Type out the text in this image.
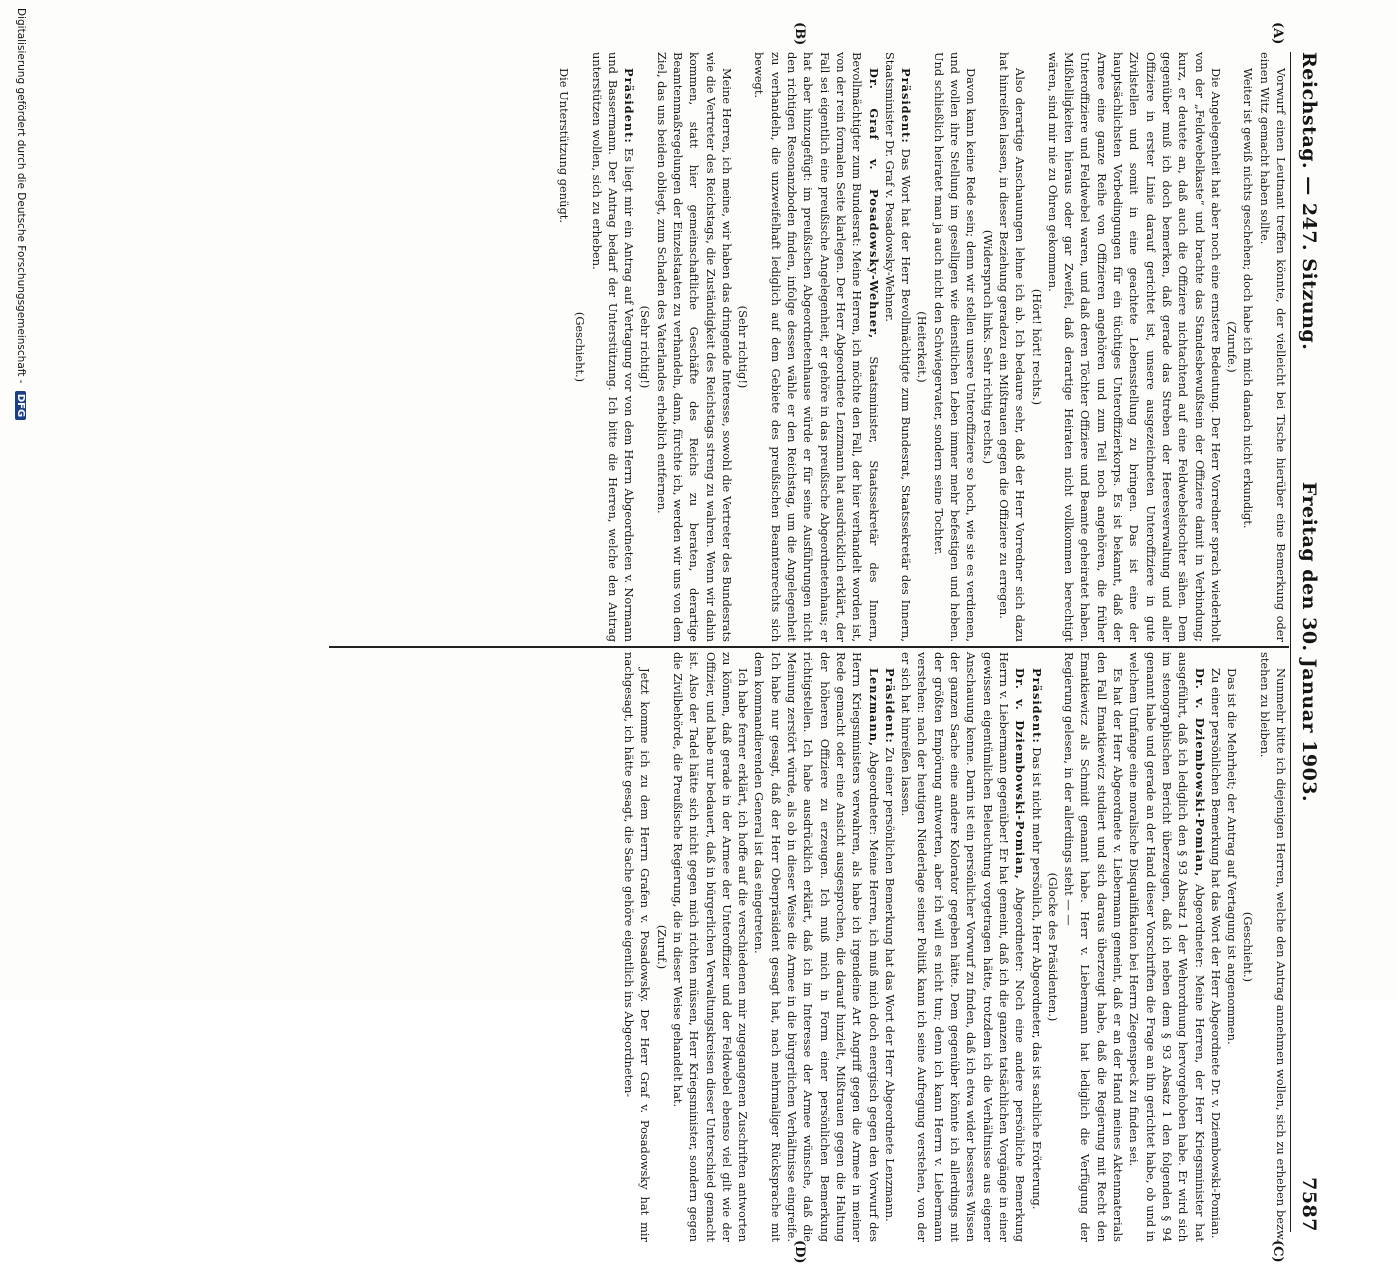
Reichstag. — 247. Sitzung.
Freitag den 30. Januar 1903.
7587
(A)
(B)
(C)
(D)

Vorwurf einen Leutnant treffen könnte, der vielleicht bei Tische hierüber eine Bemerkung oder einen Witz gemacht haben sollte.

Weiter ist gewiß nichts geschehen; doch habe ich mich danach nicht erkundigt.

(Zurufe.)

Die Angelegenheit hat aber noch eine ernstere Bedeutung. Der Herr Vorredner sprach wiederholt von der „Feldwebelkaste“ und brachte das Standesbewußtsein der Offiziere damit in Verbindung; kurz, er deutete an, daß auch die Offiziere nichtachtend auf eine Feldwebelstochter sähen. Dem gegenüber muß ich doch bemerken, daß gerade das Streben der Heeresverwaltung und aller Offiziere in erster Linie darauf gerichtet ist, unsere ausgezeichneten Unteroffiziere in gute Zivilstellen und somit in eine geachtete Lebensstellung zu bringen. Das ist eine der hauptsächlichsten Vorbedingungen für ein tüchtiges Unteroffizierkorps. Es ist bekannt, daß der Armee eine ganze Reihe von Offizieren angehören und zum Teil noch angehören, die früher Unteroffiziere und Feldwebel waren, und daß deren Töchter Offiziere und Beamte geheiratet haben. Mißhelligkeiten hieraus oder gar Zweifel, daß derartige Heiraten nicht vollkommen berechtigt wären, sind mir nie zu Ohren gekommen.

(Hört! hört! rechts.)

Also derartige Anschauungen lehne ich ab. Ich bedaure sehr, daß der Herr Vorredner sich dazu hat hinreißen lassen, in dieser Beziehung geradezu ein Mißtrauen gegen die Offiziere zu erregen.

(Widerspruch links. Sehr richtig rechts.)

Davon kann keine Rede sein; denn wir stellen unsere Unteroffiziere so hoch, wie sie es verdienen, und wollen ihre Stellung im geselligen wie dienstlichen Leben immer mehr befestigen und heben. Und schließlich heiratet man ja auch nicht den Schwiegervater, sondern seine Tochter.

(Heiterkeit.)

Präsident: Das Wort hat der Herr Bevollmächtigte zum Bundesrat, Staatssekretär des Innern, Staatsminister Dr. Graf v. Posadowsky-Wehner.

Dr. Graf v. Posadowsky-Wehner, Staatsminister, Staatssekretär des Innern, Bevollmächtigter zum Bundesrat: Meine Herren, ich möchte den Fall, der hier verhandelt worden ist, von der rein formalen Seite klarlegen. Der Herr Abgeordnete Lenzmann hat ausdrücklich erklärt, der Fall sei eigentlich eine preußische Angelegenheit, er gehöre in das preußische Abgeordnetenhaus; er hat aber hinzugefügt: im preußischen Abgeordnetenhause würde er für seine Ausführungen nicht den richtigen Resonanzboden finden, infolge dessen wähle er den Reichstag, um die Angelegenheit zu verhandeln, die unzweifelhaft lediglich auf dem Gebiete des preußischen Beamtenrechts sich bewegt.

(Sehr richtig!)

Meine Herren, ich meine, wir haben das dringende Interesse, sowohl die Vertreter des Bundesrats wie die Vertreter des Reichstags, die Zuständigkeit des Reichstags streng zu wahren. Wenn wir dahin kommen, statt hier gemeinschaftliche Geschäfte des Reichs zu beraten, derartige Beamtenmaßregelungen der Einzelstaaten zu verhandeln, dann, fürchte ich, werden wir uns von dem Ziel, das uns beiden obliegt, zum Schaden des Vaterlandes erheblich entfernen.

(Sehr richtig!)

Präsident: Es liegt mir ein Antrag auf Vertagung vor von dem Herrn Abgeordneten v. Normann und Bassermann. Der Antrag bedarf der Unterstützung. Ich bitte die Herren, welche den Antrag unterstützen wollen, sich zu erheben.

(Geschieht.)

Die Unterstützung genügt.

Nunmehr bitte ich diejenigen Herren, welche den Antrag annehmen wollen, sich zu erheben bezw. stehen zu bleiben.

(Geschieht.)

Das ist die Mehrheit; der Antrag auf Vertagung ist angenommen.

Zu einer persönlichen Bemerkung hat das Wort der Herr Abgeordnete Dr. v. Dziembowski-Pomian.

Dr. v. Dziembowski-Pomian, Abgeordneter: Meine Herren, der Herr Kriegsminister hat ausgeführt, daß ich lediglich den § 93 Absatz 1 der Wehrordnung hervorgehoben habe. Er wird sich im stenographischen Bericht überzeugen, daß ich neben dem § 93 Absatz 1 den folgenden § 94 genannt habe und gerade an der Hand dieser Vorschriften die Frage an ihn gerichtet habe, ob und in welchem Umfange eine moralische Disqualifikation bei Herrn Ziegenspeck zu finden sei.

Es hat der Herr Abgeordnete v. Liebermann gemeint, daß er an der Hand meines Aktenmaterials den Fall Ematkiewicz studiert und sich daraus überzeugt habe, daß die Regierung mit Recht den Ematkiewicz als Schmidt genannt habe. Herr v. Liebermann hat lediglich die Verfügung der Regierung gelesen, in der allerdings steht — —

(Glocke des Präsidenten.)

Präsident: Das ist nicht mehr persönlich, Herr Abgeordneter, das ist sachliche Erörterung.

Dr. v. Dziembowski-Pomian, Abgeordneter: Noch eine andere persönliche Bemerkung Herrn v. Liebermann gegenüber! Er hat gemeint, daß ich die ganzen tatsächlichen Vorgänge in einer gewissen eigentümlichen Beleuchtung vorgetragen hätte, trotzdem ich die Verhältnisse aus eigener Anschauung kenne. Darin ist ein persönlicher Vorwurf zu finden, daß ich etwa wider besseres Wissen der ganzen Sache eine andere Kolorator gegeben hätte. Dem gegenüber könnte ich allerdings mit der größten Empörung antworten, aber ich will es nicht tun; denn ich kann Herrn v. Liebermann verstehen: nach der heutigen Niederlage seiner Politik kann ich seine Aufregung verstehen, von der er sich hat hinreißen lassen.

Präsident: Zu einer persönlichen Bemerkung hat das Wort der Herr Abgeordnete Lenzmann.

Lenzmann, Abgeordneter: Meine Herren, ich muß mich doch energisch gegen den Vorwurf des Herrn Kriegsministers verwahren, als habe ich irgendeine Art Angriff gegen die Armee in meiner Rede gemacht oder eine Ansicht ausgesprochen, die darauf hinzielt, Mißtrauen gegen die Haltung der höheren Offiziere zu erzeugen. Ich muß mich in Form einer persönlichen Bemerkung richtigstellen. Ich habe ausdrücklich erklärt, daß ich im Interesse der Armee wünsche, daß die Meinung zerstört würde, als ob in dieser Weise die Armee in die bürgerlichen Verhältnisse eingreife. Ich habe nur gesagt, daß der Herr Oberpräsident gesagt hat, nach mehrmaliger Rücksprache mit dem kommandierenden General ist das eingetreten.

Ich habe ferner erklärt, ich hoffe auf die verschiedenen mir zugegangenen Zuschriften antworten zu können, daß gerade in der Armee der Unteroffizier und der Feldwebel ebenso viel gilt wie der Offizier, und habe nur bedauert, daß in bürgerlichen Verwaltungskreisen dieser Unterschied gemacht ist. Also der Tadel hätte sich nicht gegen mich richten müssen, Herr Kriegsminister, sondern gegen die Zivilbehörde, die Preußische Regierung, die in dieser Weise gehandelt hat.

(Zuruf.)

Jetzt komme ich zu dem Herrn Grafen v. Posadowsky. Der Herr Graf v. Posadowsky hat mir nachgesagt, ich hätte gesagt, die Sache gehöre eigentlich ins Abgeordneten-

Digitalisierung gefördert durch die Deutsche Forschungsgemeinschaft - DFG
